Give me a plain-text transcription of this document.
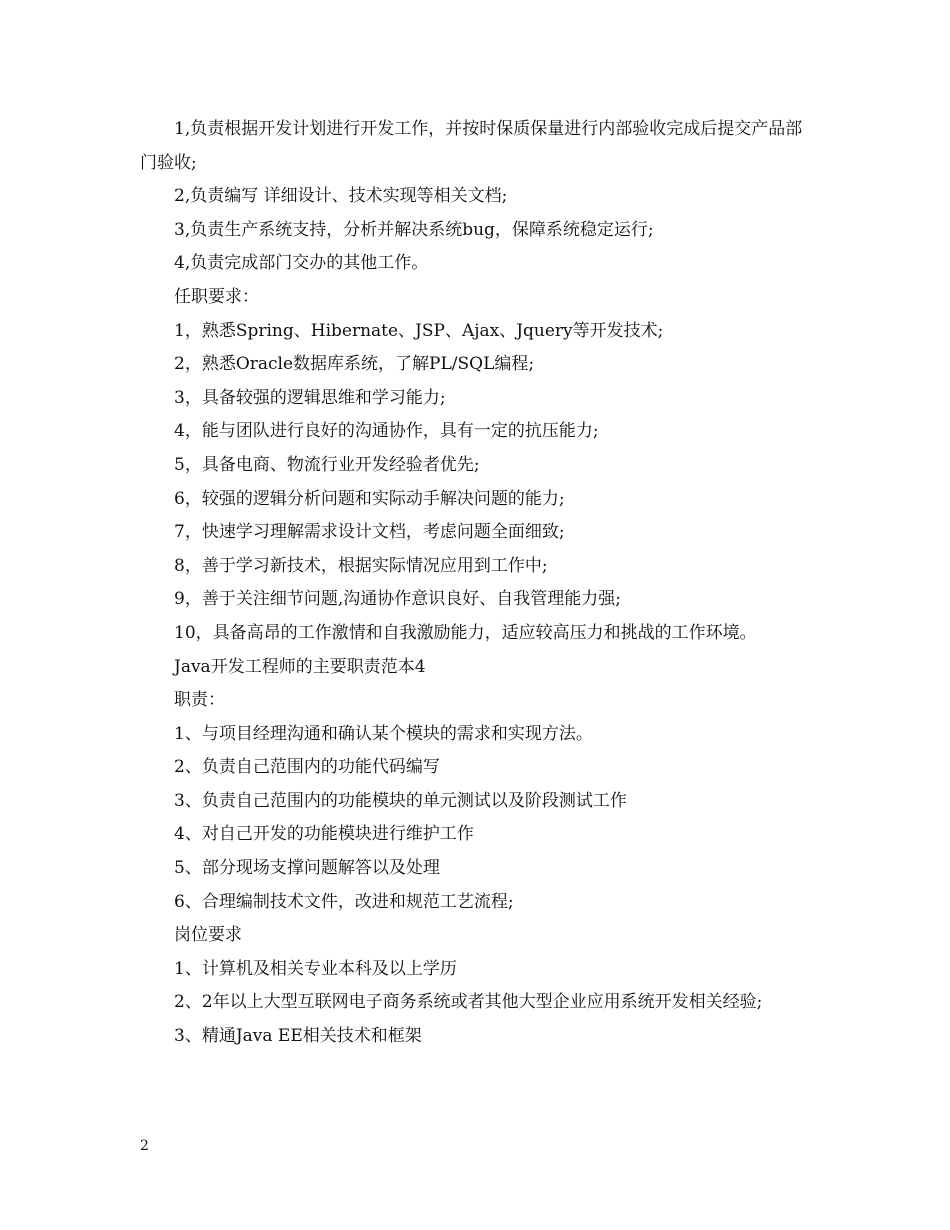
1,负责根据开发计划进行开发工作，并按时保质保量进行内部验收完成后提交产品部门验收;

2,负责编写 详细设计、技术实现等相关文档;

3,负责生产系统支持，分析并解决系统bug，保障系统稳定运行;

4,负责完成部门交办的其他工作。

任职要求：

1，熟悉Spring、Hibernate、JSP、Ajax、Jquery等开发技术;

2，熟悉Oracle数据库系统，了解PL/SQL编程;

3，具备较强的逻辑思维和学习能力;

4，能与团队进行良好的沟通协作，具有一定的抗压能力;

5，具备电商、物流行业开发经验者优先;

6，较强的逻辑分析问题和实际动手解决问题的能力;

7，快速学习理解需求设计文档，考虑问题全面细致;

8，善于学习新技术，根据实际情况应用到工作中;

9，善于关注细节问题,沟通协作意识良好、自我管理能力强;

10，具备高昂的工作激情和自我激励能力，适应较高压力和挑战的工作环境。

Java开发工程师的主要职责范本4

职责：

1、与项目经理沟通和确认某个模块的需求和实现方法。

2、负责自己范围内的功能代码编写

3、负责自己范围内的功能模块的单元测试以及阶段测试工作

4、对自己开发的功能模块进行维护工作

5、部分现场支撑问题解答以及处理

6、合理编制技术文件，改进和规范工艺流程;

岗位要求

1、计算机及相关专业本科及以上学历

2、2年以上大型互联网电子商务系统或者其他大型企业应用系统开发相关经验;

3、精通Java EE相关技术和框架

2
